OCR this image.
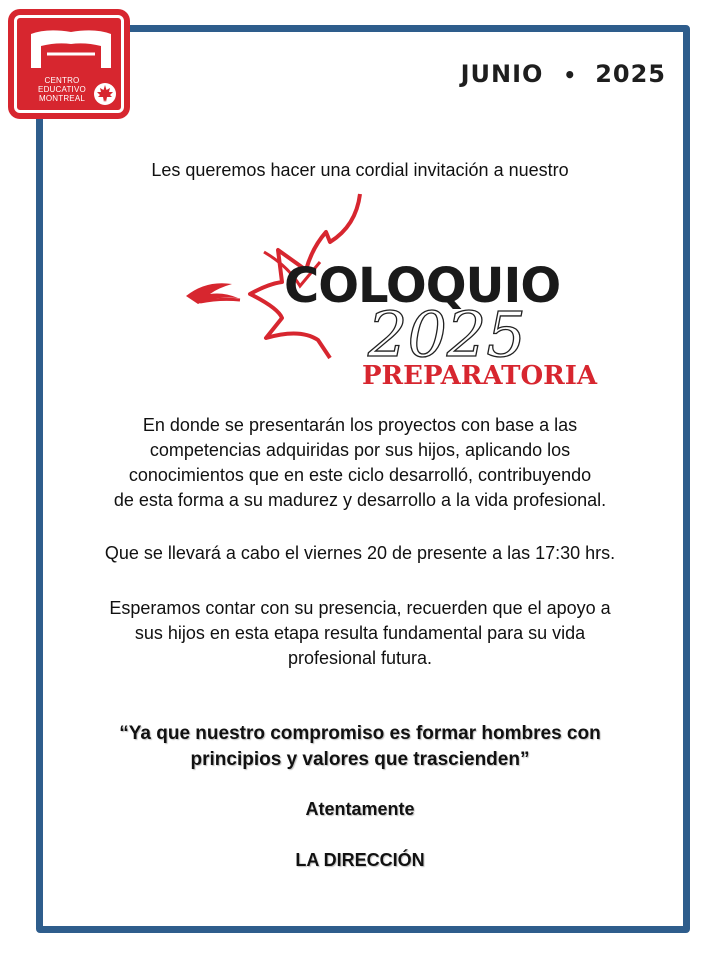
CENTRO
EDUCATIVO
MONTREAL
JUNIO • 2025
Les queremos hacer una cordial invitación a nuestro
COLOQUIO
2025
PREPARATORIA
En donde se presentarán los proyectos con base a las
competencias adquiridas por sus hijos, aplicando los
conocimientos que en este ciclo desarrolló, contribuyendo
de esta forma a su madurez y desarrollo a la vida profesional.
Que se llevará a cabo el viernes 20 de presente a las 17:30 hrs.
Esperamos contar con su presencia, recuerden que el apoyo a
sus hijos en esta etapa resulta fundamental para su vida
profesional futura.
“Ya que nuestro compromiso es formar hombres con
principios y valores que trascienden”
Atentamente
LA DIRECCIÓN
